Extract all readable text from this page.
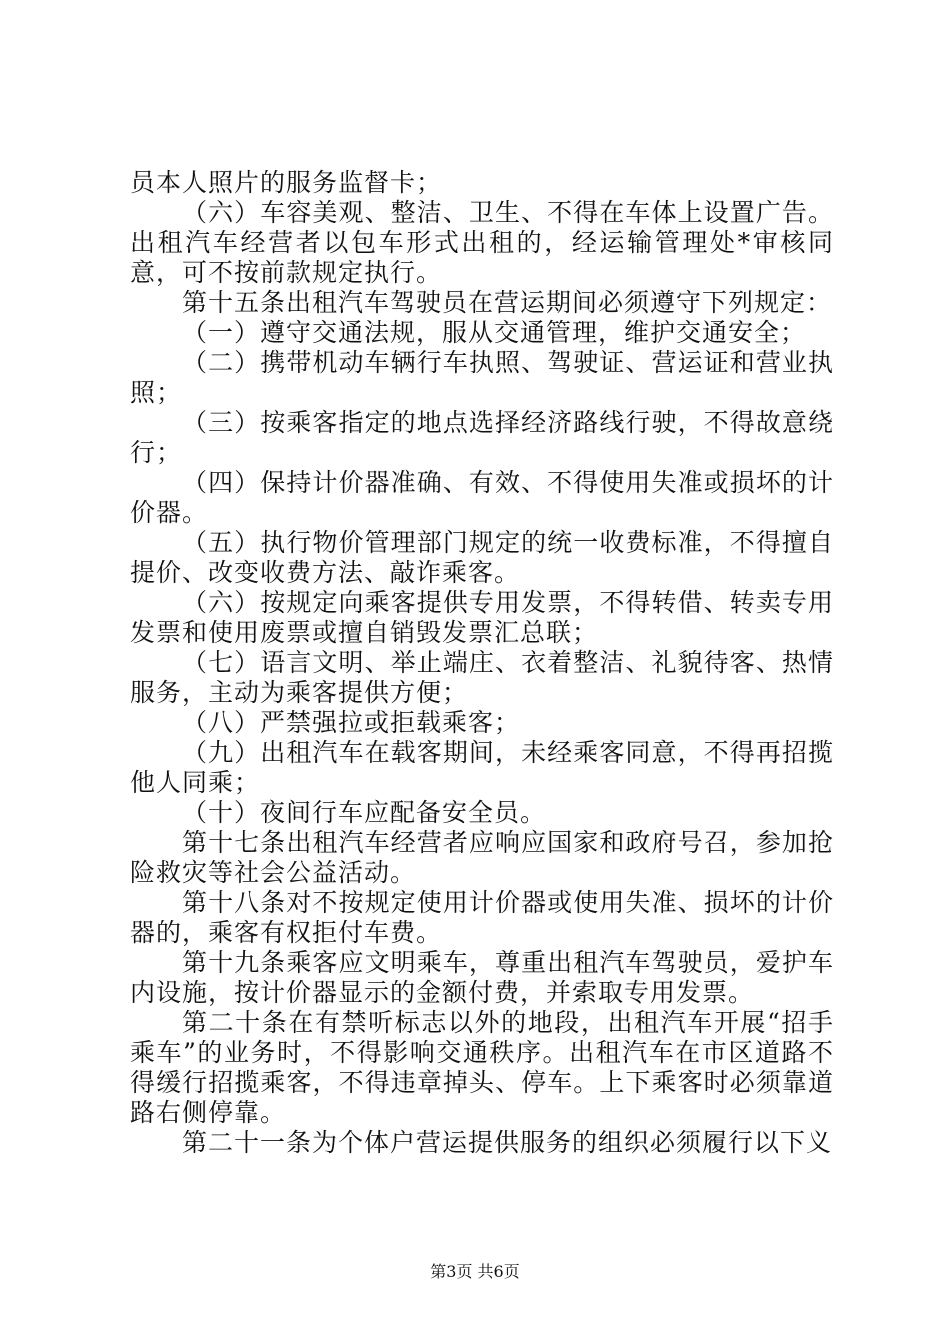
员本人照片的服务监督卡；

（六）车容美观、整洁、卫生、不得在车体上设置广告。出租汽车经营者以包车形式出租的，经运输管理处*审核同意，可不按前款规定执行。

第十五条出租汽车驾驶员在营运期间必须遵守下列规定：

（一）遵守交通法规，服从交通管理，维护交通安全；

（二）携带机动车辆行车执照、驾驶证、营运证和营业执照；

（三）按乘客指定的地点选择经济路线行驶，不得故意绕行；

（四）保持计价器准确、有效、不得使用失准或损坏的计价器。

（五）执行物价管理部门规定的统一收费标准，不得擅自提价、改变收费方法、敲诈乘客。

（六）按规定向乘客提供专用发票，不得转借、转卖专用发票和使用废票或擅自销毁发票汇总联；

（七）语言文明、举止端庄、衣着整洁、礼貌待客、热情服务，主动为乘客提供方便；

（八）严禁强拉或拒载乘客；

（九）出租汽车在载客期间，未经乘客同意，不得再招揽他人同乘；

（十）夜间行车应配备安全员。

第十七条出租汽车经营者应响应国家和政府号召，参加抢险救灾等社会公益活动。

第十八条对不按规定使用计价器或使用失准、损坏的计价器的，乘客有权拒付车费。

第十九条乘客应文明乘车，尊重出租汽车驾驶员，爱护车内设施，按计价器显示的金额付费，并索取专用发票。

第二十条在有禁听标志以外的地段，出租汽车开展“招手乘车”的业务时，不得影响交通秩序。出租汽车在市区道路不得缓行招揽乘客，不得违章掉头、停车。上下乘客时必须靠道路右侧停靠。

第二十一条为个体户营运提供服务的组织必须履行以下义

第3页 共6页
